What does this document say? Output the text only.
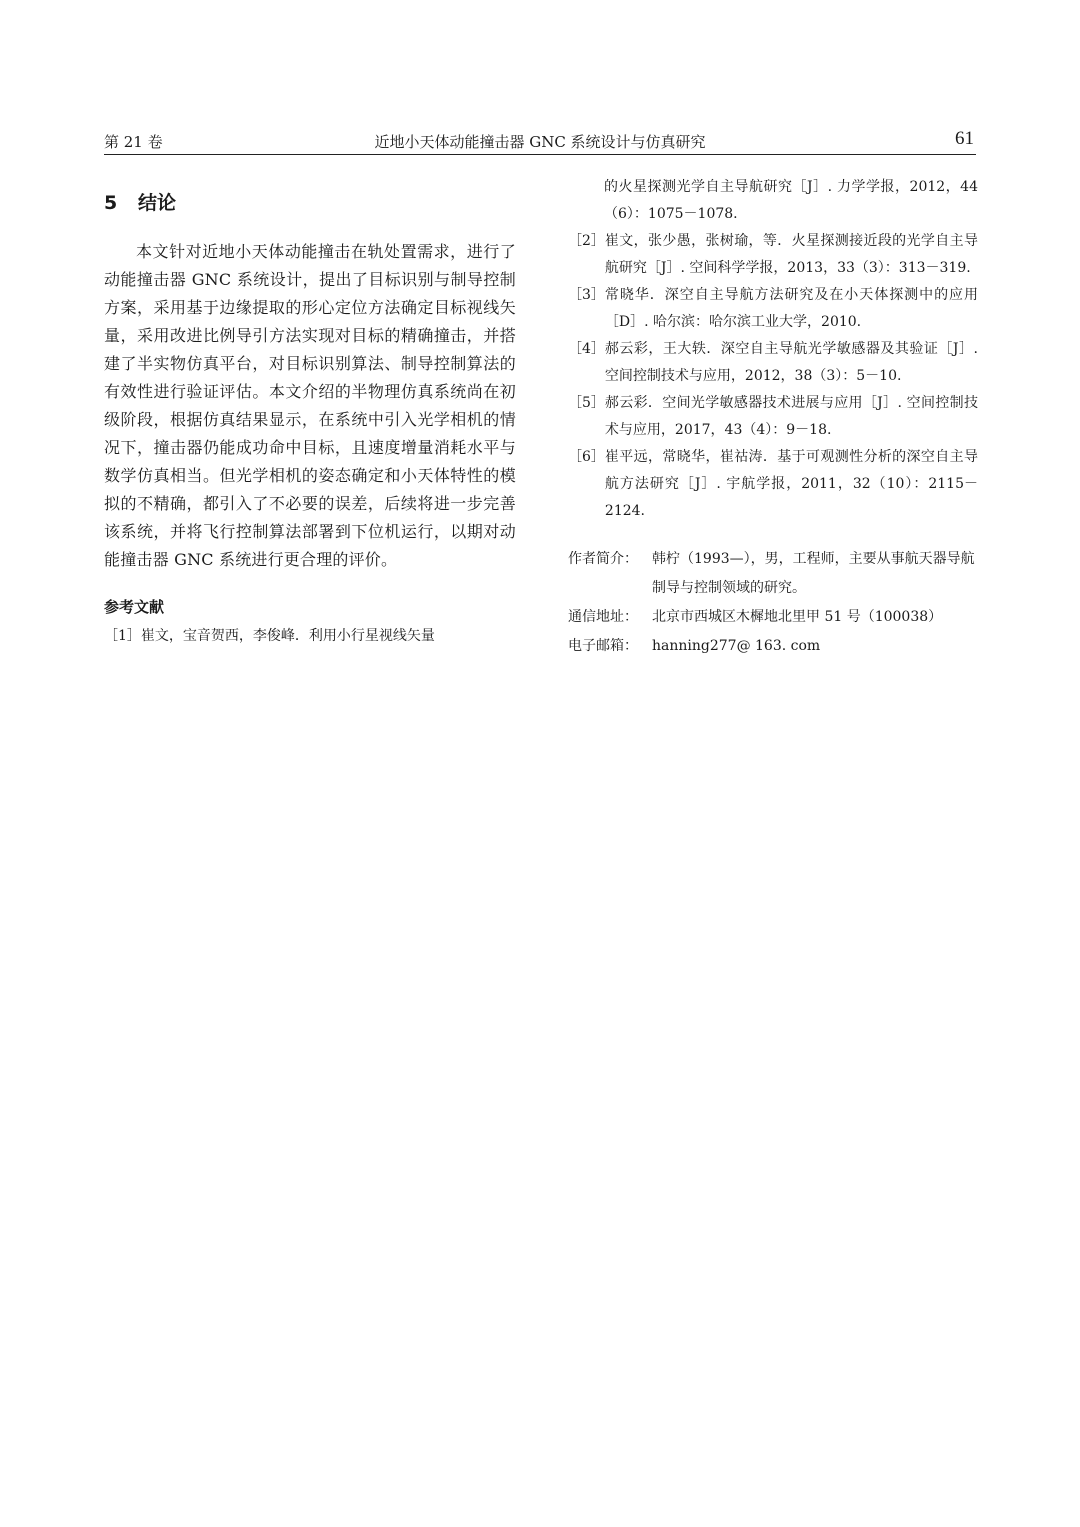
第 21 卷	近地小天体动能撞击器 GNC 系统设计与仿真研究	61
5 结论

本文针对近地小天体动能撞击在轨处置需求，进行了动能撞击器 GNC 系统设计，提出了目标识别与制导控制方案，采用基于边缘提取的形心定位方法确定目标视线矢量，采用改进比例导引方法实现对目标的精确撞击，并搭建了半实物仿真平台，对目标识别算法、制导控制算法的有效性进行验证评估。本文介绍的半物理仿真系统尚在初级阶段，根据仿真结果显示，在系统中引入光学相机的情况下，撞击器仍能成功命中目标，且速度增量消耗水平与数学仿真相当。但光学相机的姿态确定和小天体特性的模拟的不精确，都引入了不必要的误差，后续将进一步完善该系统，并将飞行控制算法部署到下位机运行，以期对动能撞击器 GNC 系统进行更合理的评价。

参考文献
［1］ 崔文，宝音贺西，李俊峰．利用小行星视线矢量
的火星探测光学自主导航研究［J］. 力学学报，2012，44（6）：1075－1078.
［2］ 崔文，张少愚，张树瑜，等．火星探测接近段的光学自主导航研究［J］. 空间科学学报，2013，33（3）：313－319.
［3］ 常晓华．深空自主导航方法研究及在小天体探测中的应用［D］. 哈尔滨：哈尔滨工业大学，2010.
［4］ 郝云彩，王大轶．深空自主导航光学敏感器及其验证［J］. 空间控制技术与应用，2012，38（3）：5－10.
［5］ 郝云彩．空间光学敏感器技术进展与应用［J］. 空间控制技术与应用，2017，43（4）：9－18.
［6］ 崔平远，常晓华，崔祜涛．基于可观测性分析的深空自主导航方法研究［J］. 宇航学报，2011，32（10）：2115－2124.
作者简介：	韩柠（1993—），男，工程师，主要从事航天器导航制导与控制领域的研究。
通信地址：	北京市西城区木樨地北里甲 51 号（100038）
电子邮箱：	hanning277@ 163. com
